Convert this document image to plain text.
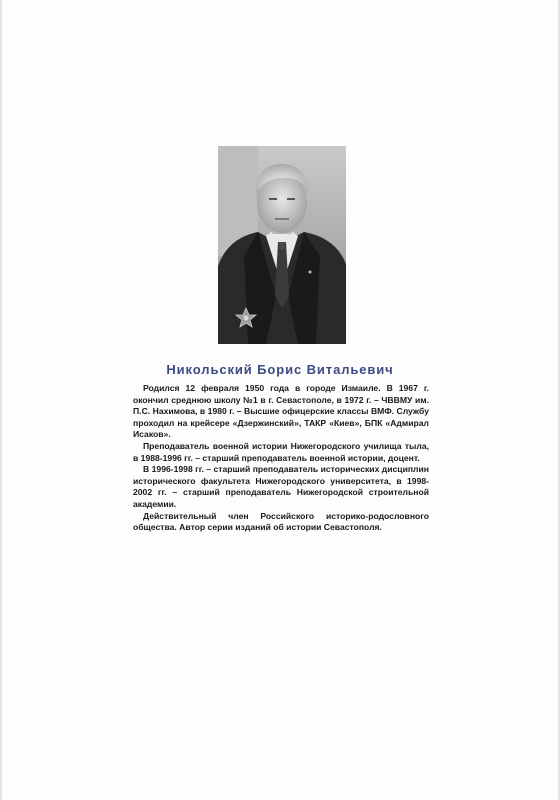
Никольский Борис Витальевич

Родился 12 февраля 1950 года в городе Измаиле. В 1967 г. окончил среднюю школу №1 в г. Севастополе, в 1972 г. – ЧВВМУ им. П.С. Нахимова, в 1980 г. – Высшие офицерские классы ВМФ. Службу проходил на крейсере «Дзержинский», ТАКР «Киев», БПК «Адмирал Исаков».

Преподаватель военной истории Нижегородского училища тыла, в 1988-1996 гг. – старший преподаватель военной истории, доцент.

В 1996-1998 гг. – старший преподаватель исторических дисциплин исторического факультета Нижегородского университета, в 1998-2002 гг. – старший преподаватель Нижегородской строительной академии.

Действительный член Российского историко-родословного общества. Автор серии изданий об истории Севастополя.
